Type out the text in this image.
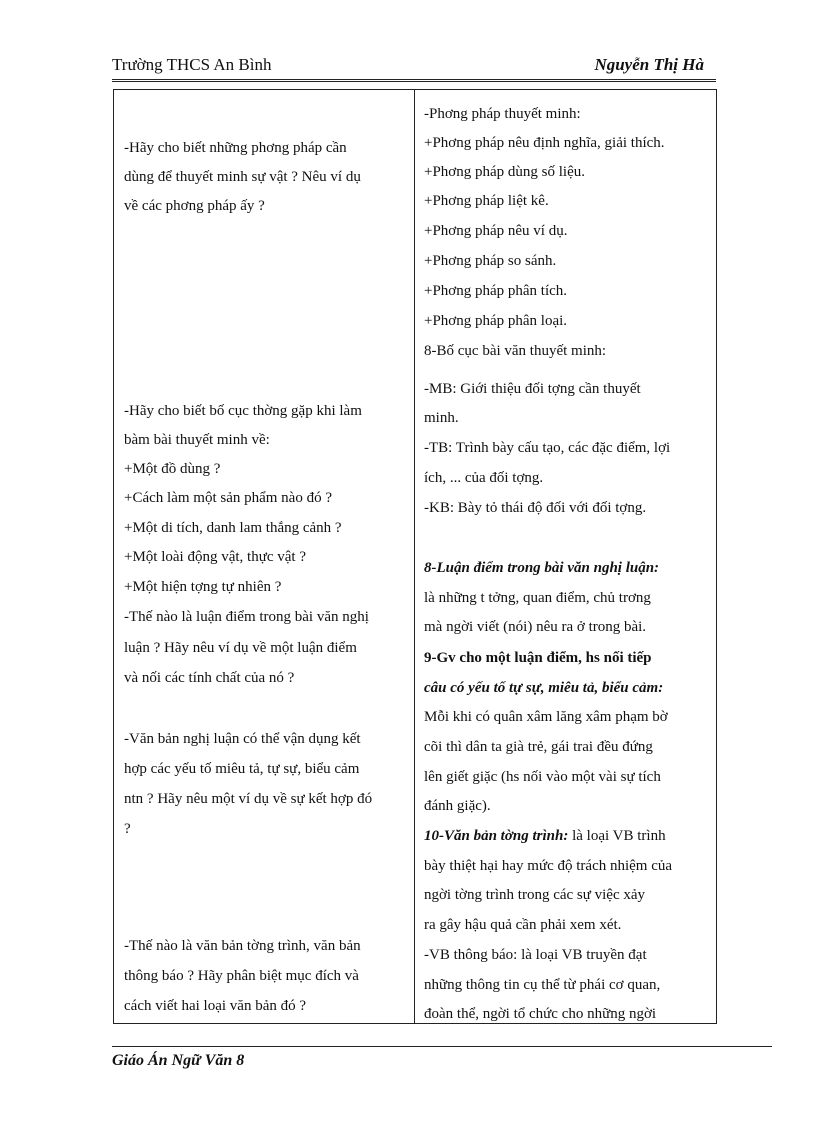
Trường THCS An Bình	Nguyễn Thị Hà
-Hãy cho biết những phơng pháp cần
dùng để thuyết minh sự vật ? Nêu ví dụ
về các phơng pháp ấy ?
-Hãy cho biết bố cục thờng gặp khi làm
bàm bài thuyết minh về:
+Một đồ dùng ?
+Cách làm một sản phẩm nào đó ?
+Một di tích, danh lam thắng cảnh ?
+Một loài động vật, thực vật ?
+Một hiện tợng tự nhiên ?
-Thế nào là luận điểm trong bài văn nghị
luận ? Hãy nêu ví dụ về một luận điểm
và nối các tính chất của nó ?
-Văn bản nghị luận có thể vận dụng kết
hợp các yếu tố miêu tả, tự sự, biểu cảm
ntn ? Hãy nêu một ví dụ về sự kết hợp đó
?
-Thế nào là văn bản tờng trình, văn bản
thông báo ? Hãy phân biệt mục đích và
cách viết hai loại văn bản đó ?
-Phơng pháp thuyết minh:
+Phơng pháp nêu định nghĩa, giải thích.
+Phơng pháp dùng số liệu.
+Phơng pháp liệt kê.
+Phơng pháp nêu ví dụ.
+Phơng pháp so sánh.
+Phơng pháp phân tích.
+Phơng pháp phân loại.
8-Bố cục bài văn thuyết minh:
-MB: Giới thiệu đối tợng cần thuyết
minh.
-TB: Trình bày cấu tạo, các đặc điểm, lợi
ích, ... của đối tợng.
-KB: Bày tỏ thái độ đối với đối tợng.
8-Luận điểm trong bài văn nghị luận:
là những t tởng, quan điểm, chủ trơng
mà ngời viết (nói) nêu ra ở trong bài.
9-Gv cho một luận điểm, hs nối tiếp
câu có yếu tố tự sự, miêu tả, biểu cảm:
Mỗi khi có quân xâm lăng xâm phạm bờ
cõi thì dân ta già trẻ, gái trai đều đứng
lên giết giặc (hs nối vào một vài sự tích
đánh giặc).
10-Văn bản tờng trình: là loại VB trình
bày thiệt hại hay mức độ trách nhiệm của
ngời tờng trình trong các sự việc xảy
ra gây hậu quả cần phải xem xét.
-VB thông báo: là loại VB truyền đạt
những thông tin cụ thể từ phái cơ quan,
đoàn thể, ngời tổ chức cho những ngời
Giáo Án Ngữ Văn 8
